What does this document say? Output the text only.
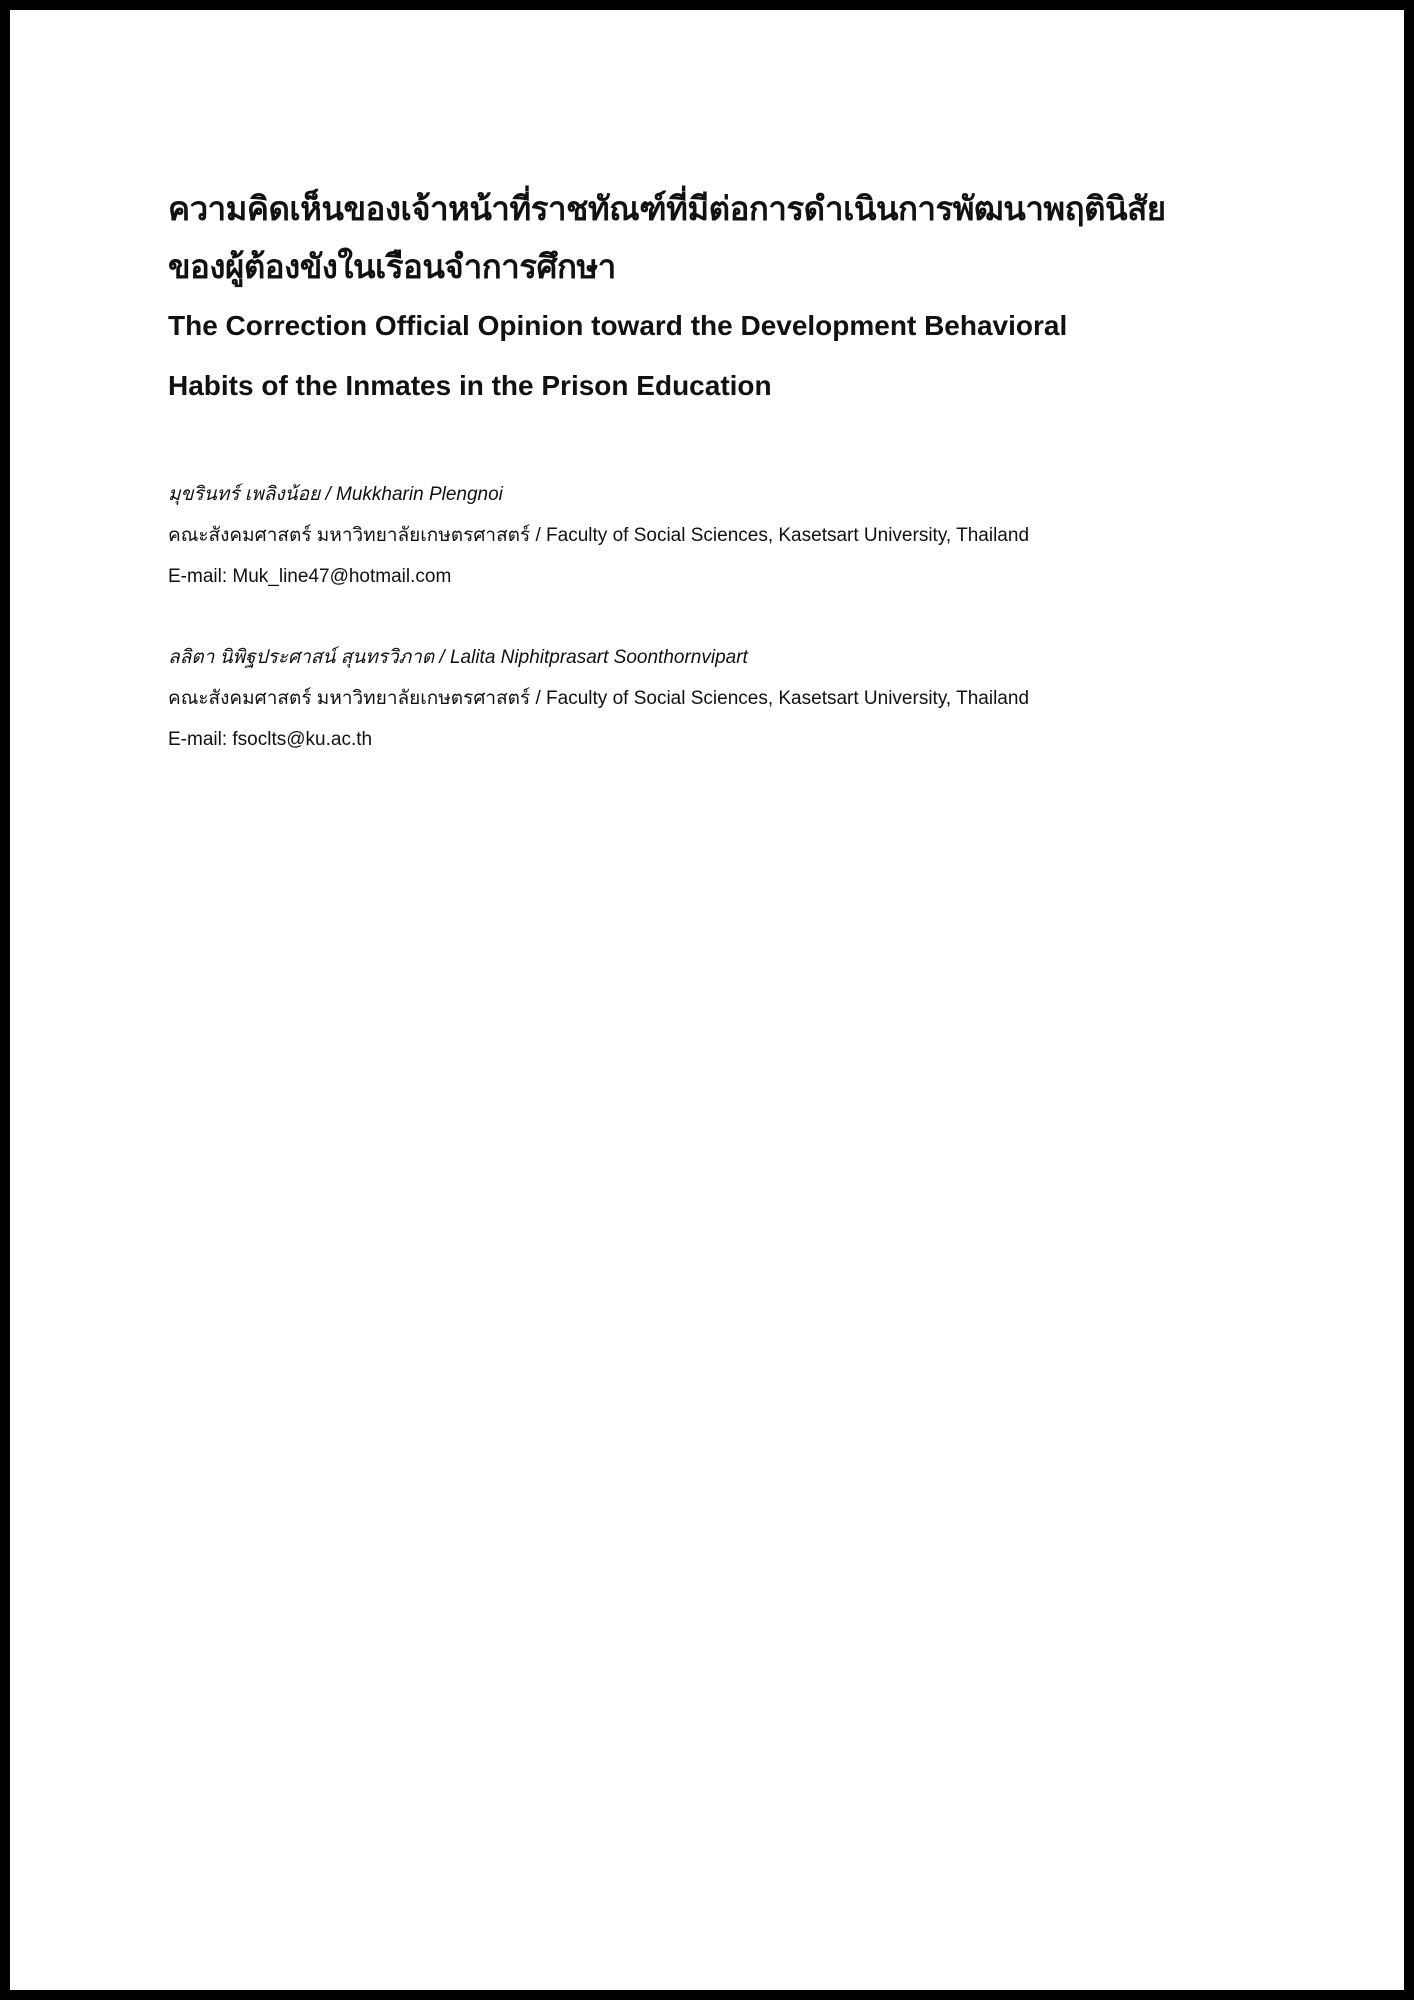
ความคิดเห็นของเจ้าหน้าที่ราชทัณฑ์ที่มีต่อการดำเนินการพัฒนาพฤตินิสัย
ของผู้ต้องขังในเรือนจำการศึกษา
The Correction Official Opinion toward the Development Behavioral
Habits of the Inmates in the Prison Education
มุขรินทร์ เพลิงน้อย / Mukkharin Plengnoi
คณะสังคมศาสตร์ มหาวิทยาลัยเกษตรศาสตร์ / Faculty of Social Sciences, Kasetsart University, Thailand
E-mail: Muk_line47@hotmail.com
ลลิตา นิพิฐประศาสน์ สุนทรวิภาต / Lalita Niphitprasart Soonthornvipart
คณะสังคมศาสตร์ มหาวิทยาลัยเกษตรศาสตร์ / Faculty of Social Sciences, Kasetsart University, Thailand
E-mail: fsoclts@ku.ac.th
